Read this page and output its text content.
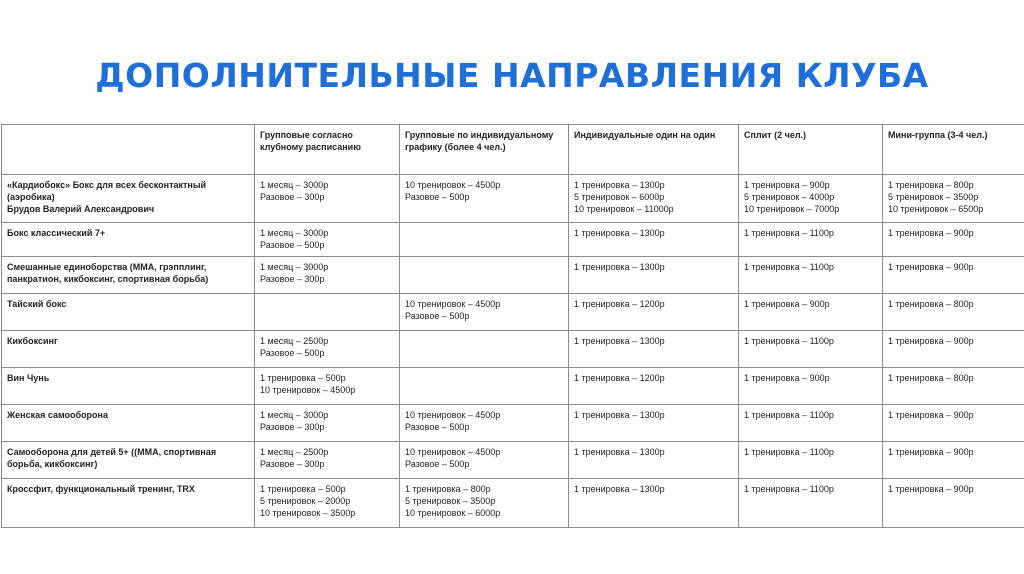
ДОПОЛНИТЕЛЬНЫЕ НАПРАВЛЕНИЯ КЛУБА

	Групповые согласно клубному расписанию	Групповые по индивидуальному графику (более 4 чел.)	Индивидуальные один на один	Сплит (2 чел.)	Мини-группа (3-4 чел.)

«Кардиобокс» Бокс для всех бесконтактный (аэробика)
Брудов Валерий Александрович	1 месяц – 3000р
Разовое – 300р	10 тренировок – 4500р
Разовое – 500р	1 тренировка – 1300р
5 тренировок – 6000р
10 тренировок – 11000р	1 тренировка – 900р
5 тренировок – 4000р
10 тренировок – 7000р	1 тренировка – 800р
5 тренировок – 3500р
10 тренировок – 6500р

Бокс классический 7+	1 месяц – 3000р
Разовое – 500р		1 тренировка – 1300р	1 тренировка – 1100р	1 тренировка – 900р

Смешанные единоборства (ММА, грэпплинг, панкратион, кикбоксинг, спортивная борьба)	1 месяц – 3000р
Разовое – 300р		1 тренировка – 1300р	1 тренировка – 1100р	1 тренировка – 900р

Тайский бокс		10 тренировок – 4500р
Разовое – 500р	1 тренировка – 1200р	1 тренировка – 900р	1 тренировка – 800р

Кикбоксинг	1 месяц – 2500р
Разовое – 500р		1 тренировка – 1300р	1 тренировка – 1100р	1 тренировка – 900р

Вин Чунь	1 тренировка – 500р
10 тренировок – 4500р		1 тренировка – 1200р	1 тренировка – 900р	1 тренировка – 800р

Женская самооборона	1 месяц – 3000р
Разовое – 300р	10 тренировок – 4500р
Разовое – 500р	1 тренировка – 1300р	1 тренировка – 1100р	1 тренировка – 900р

Самооборона для детей 5+ ((ММА, спортивная борьба, кикбоксинг)	1 месяц – 2500р
Разовое – 300р	10 тренировок – 4500р
Разовое – 500р	1 тренировка – 1300р	1 тренировка – 1100р	1 тренировка – 900р

Кроссфит, функциональный тренинг, TRX	1 тренировка – 500р
5 тренировок – 2000р
10 тренировок – 3500р	1 тренировка – 800р
5 тренировок – 3500р
10 тренировок – 6000р	1 тренировка – 1300р	1 тренировка – 1100р	1 тренировка – 900р
